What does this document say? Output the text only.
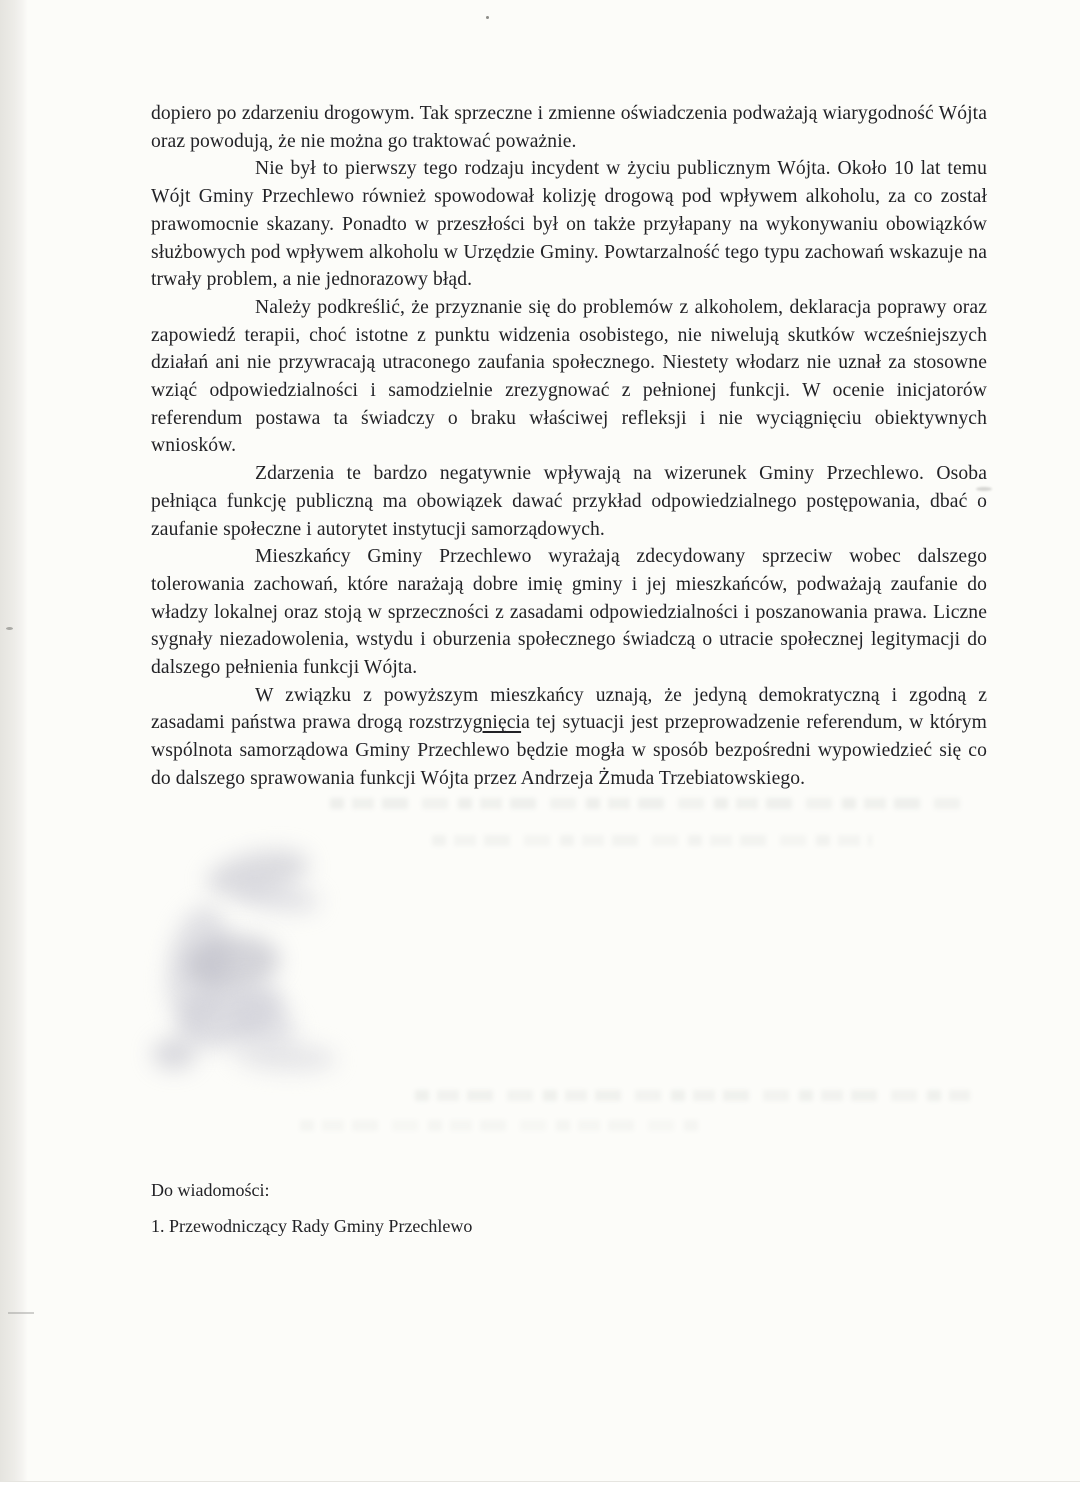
dopiero po zdarzeniu drogowym. Tak sprzeczne i zmienne oświadczenia podważają wiarygodność Wójta oraz powodują, że nie można go traktować poważnie.

Nie był to pierwszy tego rodzaju incydent w życiu publicznym Wójta. Około 10 lat temu Wójt Gminy Przechlewo również spowodował kolizję drogową pod wpływem alkoholu, za co został prawomocnie skazany. Ponadto w przeszłości był on także przyłapany na wykonywaniu obowiązków służbowych pod wpływem alkoholu w Urzędzie Gminy. Powtarzalność tego typu zachowań wskazuje na trwały problem, a nie jednorazowy błąd.

Należy podkreślić, że przyznanie się do problemów z alkoholem, deklaracja poprawy oraz zapowiedź terapii, choć istotne z punktu widzenia osobistego, nie niwelują skutków wcześniejszych działań ani nie przywracają utraconego zaufania społecznego. Niestety włodarz nie uznał za stosowne wziąć odpowiedzialności i samodzielnie zrezygnować z pełnionej funkcji. W ocenie inicjatorów referendum postawa ta świadczy o braku właściwej refleksji i nie wyciągnięciu obiektywnych wniosków.

Zdarzenia te bardzo negatywnie wpływają na wizerunek Gminy Przechlewo. Osoba pełniąca funkcję publiczną ma obowiązek dawać przykład odpowiedzialnego postępowania, dbać o zaufanie społeczne i autorytet instytucji samorządowych.

Mieszkańcy Gminy Przechlewo wyrażają zdecydowany sprzeciw wobec dalszego tolerowania zachowań, które narażają dobre imię gminy i jej mieszkańców, podważają zaufanie do władzy lokalnej oraz stoją w sprzeczności z zasadami odpowiedzialności i poszanowania prawa. Liczne sygnały niezadowolenia, wstydu i oburzenia społecznego świadczą o utracie społecznej legitymacji do dalszego pełnienia funkcji Wójta.

W związku z powyższym mieszkańcy uznają, że jedyną demokratyczną i zgodną z zasadami państwa prawa drogą rozstrzygnięcia tej sytuacji jest przeprowadzenie referendum, w którym wspólnota samorządowa Gminy Przechlewo będzie mogła w sposób bezpośredni wypowiedzieć się co do dalszego sprawowania funkcji Wójta przez Andrzeja Żmuda Trzebiatowskiego.

Do wiadomości:
1. Przewodniczący Rady Gminy Przechlewo
